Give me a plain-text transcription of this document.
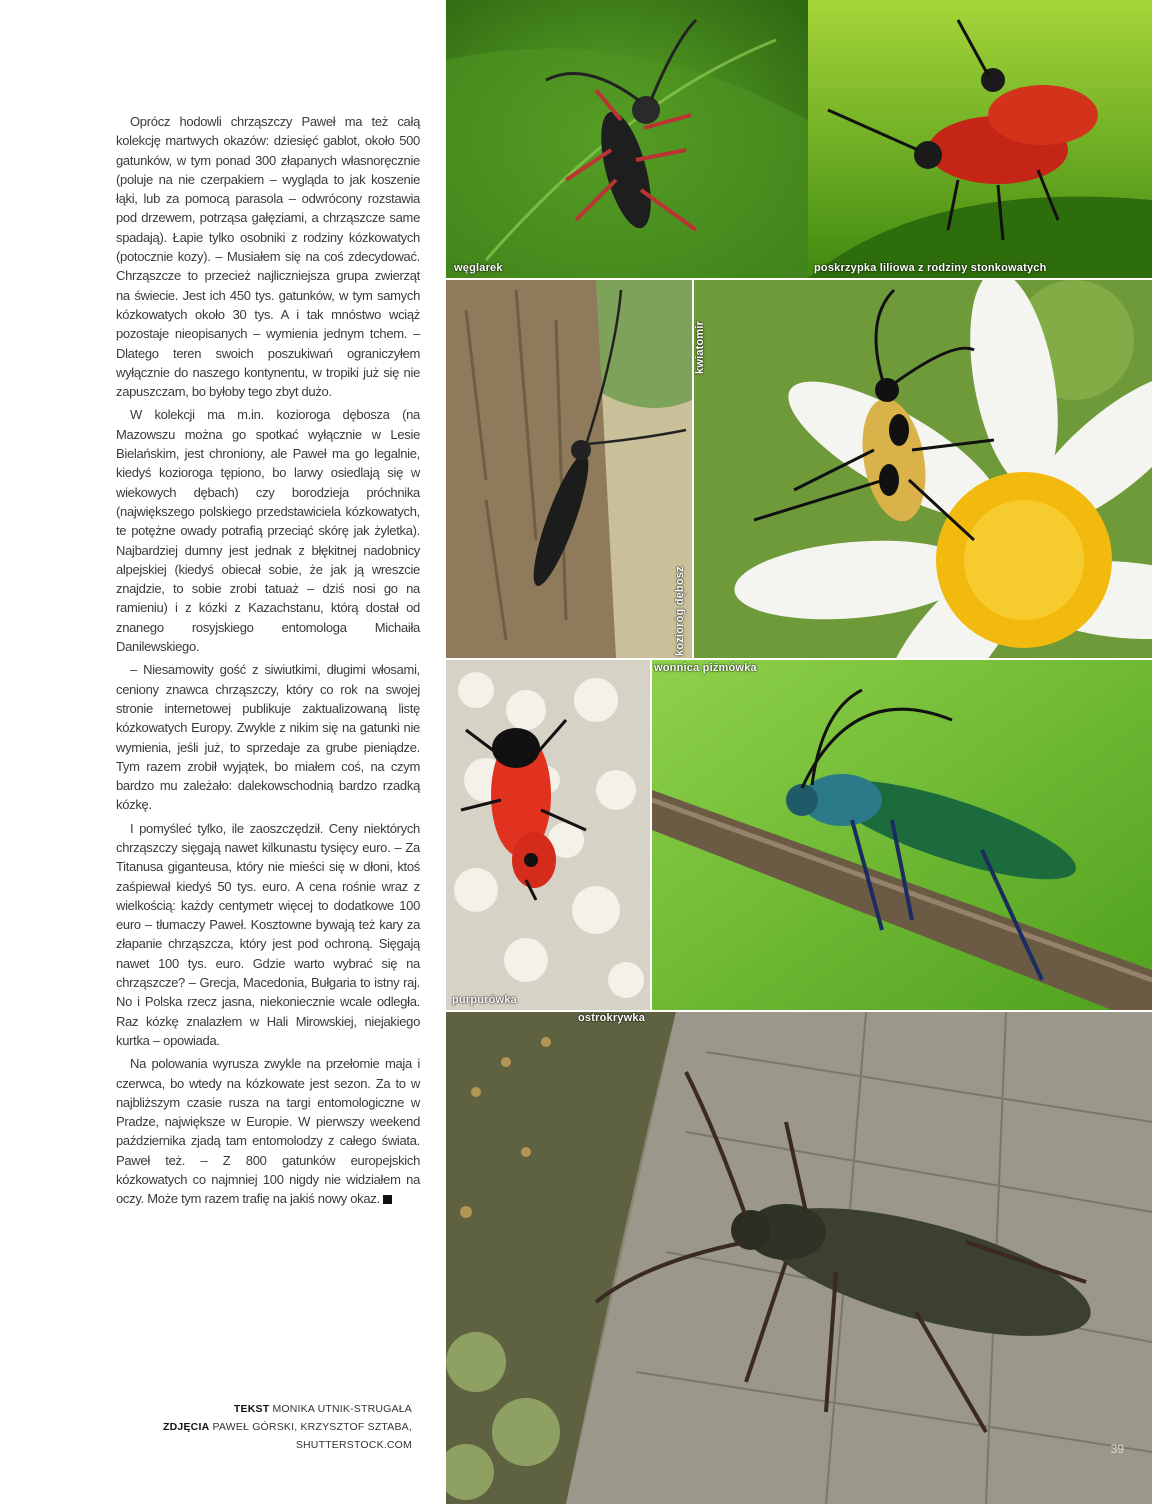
Oprócz hodowli chrząszczy Paweł ma też całą kolekcję martwych okazów: dziesięć gablot, około 500 gatunków, w tym ponad 300 złapanych własnoręcznie (poluje na nie czerpakiem – wygląda to jak koszenie łąki, lub za pomocą parasola – odwrócony rozstawia pod drzewem, potrząsa gałęziami, a chrząszcze same spadają). Łapie tylko osobniki z rodziny kózkowatych (potocznie kozy). – Musiałem się na coś zdecydować. Chrząszcze to przecież najliczniejsza grupa zwierząt na świecie. Jest ich 450 tys. gatunków, w tym samych kózkowatych około 30 tys. A i tak mnóstwo wciąż pozostaje nieopisanych – wymienia jednym tchem. – Dlatego teren swoich poszukiwań ograniczyłem wyłącznie do naszego kontynentu, w tropiki już się nie zapuszczam, bo byłoby tego zbyt dużo.

W kolekcji ma m.in. kozioroga dębosza (na Mazowszu można go spotkać wyłącznie w Lesie Bielańskim, jest chroniony, ale Paweł ma go legalnie, kiedyś kozioroga tępiono, bo larwy osiedlają się w wiekowych dębach) czy borodzieja próchnika (największego polskiego przedstawiciela kózkowatych, te potężne owady potrafią przeciąć skórę jak żyletka). Najbardziej dumny jest jednak z błękitnej nadobnicy alpejskiej (kiedyś obiecał sobie, że jak ją wreszcie znajdzie, to sobie zrobi tatuaż – dziś nosi go na ramieniu) i z kózki z Kazachstanu, którą dostał od znanego rosyjskiego entomologa Michaiła Danilewskiego.

– Niesamowity gość z siwiutkimi, długimi włosami, ceniony znawca chrząszczy, który co rok na swojej stronie internetowej publikuje zaktualizowaną listę kózkowatych Europy. Zwykle z nikim się na gatunki nie wymienia, jeśli już, to sprzedaje za grube pieniądze. Tym razem zrobił wyjątek, bo miałem coś, na czym bardzo mu zależało: dalekowschodnią bardzo rzadką kózkę.

I pomyśleć tylko, ile zaoszczędził. Ceny niektórych chrząszczy sięgają nawet kilkunastu tysięcy euro. – Za Titanusa giganteusa, który nie mieści się w dłoni, ktoś zaśpiewał kiedyś 50 tys. euro. A cena rośnie wraz z wielkością: każdy centymetr więcej to dodatkowe 100 euro – tłumaczy Paweł. Kosztowne bywają też kary za złapanie chrząszcza, który jest pod ochroną. Sięgają nawet 100 tys. euro. Gdzie warto wybrać się na chrząszcze? – Grecja, Macedonia, Bułgaria to istny raj. No i Polska rzecz jasna, niekoniecznie wcale odległa. Raz kózkę znalazłem w Hali Mirowskiej, niejakiego kurtka – opowiada.

Na polowania wyrusza zwykle na przełomie maja i czerwca, bo wtedy na kózkowate jest sezon. Za to w najbliższym czasie rusza na targi entomologiczne w Pradze, największe w Europie. W pierwszy weekend października zjadą tam entomolodzy z całego świata. Paweł też. – Z 800 gatunków europejskich kózkowatych co najmniej 100 nigdy nie widziałem na oczy. Może tym razem trafię na jakiś nowy okaz.

TEKST MONIKA UTNIK-STRUGAŁA
ZDJĘCIA PAWEŁ GÓRSKI, KRZYSZTOF SZTABA,
SHUTTERSTOCK.COM
węglarek	poskrzypka liliowa z rodziny stonkowatych
kozioróg dębosz
kwiatomir
purpurówka
wonnica piżmówka
ostrokrywka
39
